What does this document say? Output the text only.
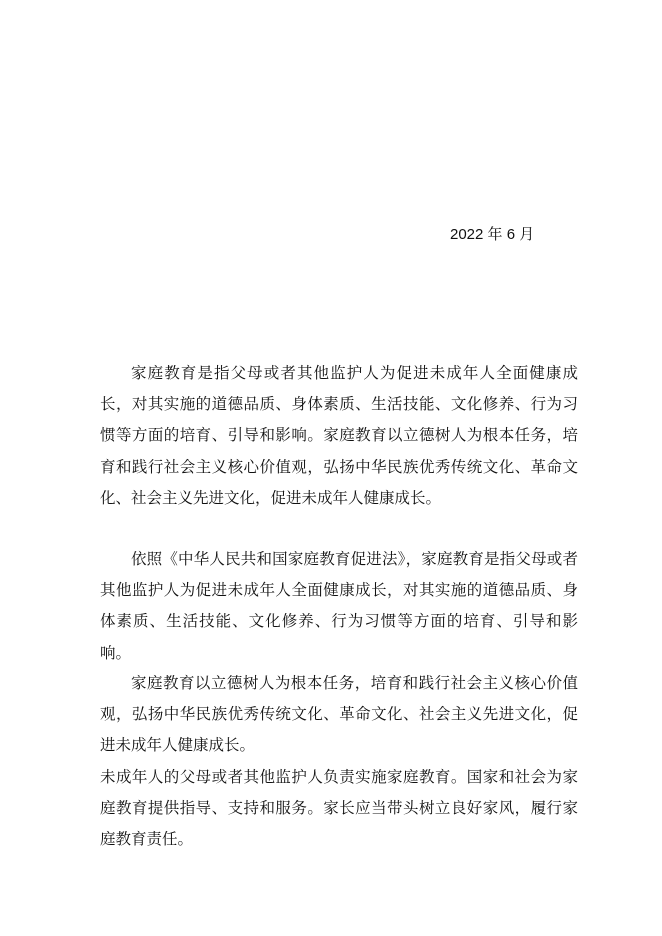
2022 年 6 月

家庭教育是指父母或者其他监护人为促进未成年人全面健康成长，对其实施的道德品质、身体素质、生活技能、文化修养、行为习惯等方面的培育、引导和影响。家庭教育以立德树人为根本任务，培育和践行社会主义核心价值观，弘扬中华民族优秀传统文化、革命文化、社会主义先进文化，促进未成年人健康成长。

依照《中华人民共和国家庭教育促进法》，家庭教育是指父母或者其他监护人为促进未成年人全面健康成长，对其实施的道德品质、身体素质、生活技能、文化修养、行为习惯等方面的培育、引导和影响。

家庭教育以立德树人为根本任务，培育和践行社会主义核心价值观，弘扬中华民族优秀传统文化、革命文化、社会主义先进文化，促进未成年人健康成长。

未成年人的父母或者其他监护人负责实施家庭教育。国家和社会为家庭教育提供指导、支持和服务。家长应当带头树立良好家风，履行家庭教育责任。
